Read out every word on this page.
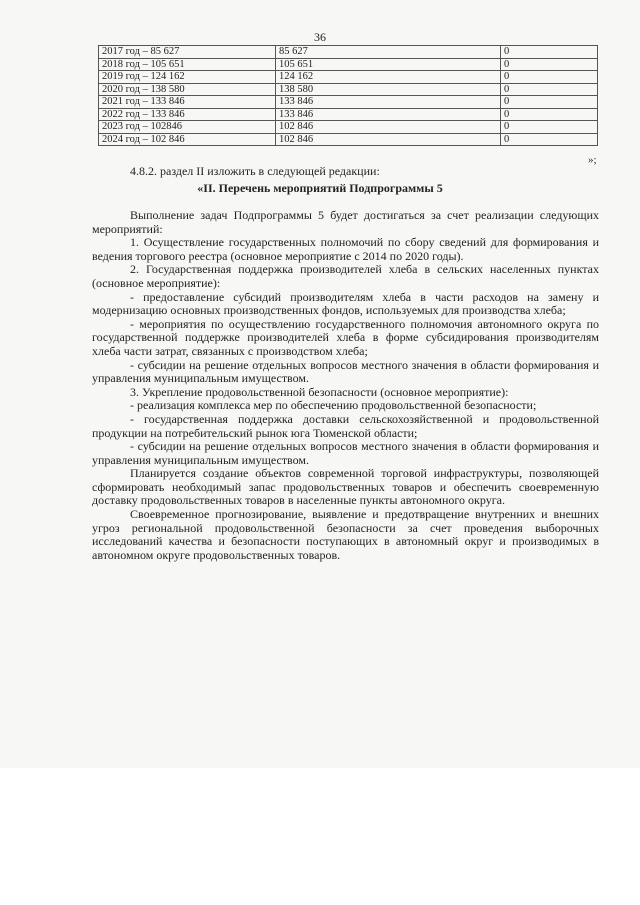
36
2017 год – 85 627	85 627	0
2018 год – 105 651	105 651	0
2019 год – 124 162	124 162	0
2020 год – 138 580	138 580	0
2021 год – 133 846	133 846	0
2022 год – 133 846	133 846	0
2023 год – 102846	102 846	0
2024 год – 102 846	102 846	0
»;
4.8.2. раздел II изложить в следующей редакции:
«II. Перечень мероприятий Подпрограммы 5

Выполнение задач Подпрограммы 5 будет достигаться за счет реализации следующих мероприятий:

1. Осуществление государственных полномочий по сбору сведений для формирования и ведения торгового реестра (основное мероприятие с 2014 по 2020 годы).

2. Государственная поддержка производителей хлеба в сельских населенных пунктах (основное мероприятие):

- предоставление субсидий производителям хлеба в части расходов на замену и модернизацию основных производственных фондов, используемых для производства хлеба;

- мероприятия по осуществлению государственного полномочия автономного округа по государственной поддержке производителей хлеба в форме субсидирования производителям хлеба части затрат, связанных с производством хлеба;

- субсидии на решение отдельных вопросов местного значения в области формирования и управления муниципальным имуществом.

3. Укрепление продовольственной безопасности (основное мероприятие):

- реализация комплекса мер по обеспечению продовольственной безопасности;

- государственная поддержка доставки сельскохозяйственной и продовольственной продукции на потребительский рынок юга Тюменской области;

- субсидии на решение отдельных вопросов местного значения в области формирования и управления муниципальным имуществом.

Планируется создание объектов современной торговой инфраструктуры, позволяющей сформировать необходимый запас продовольственных товаров и обеспечить своевременную доставку продовольственных товаров в населенные пункты автономного округа.

Своевременное прогнозирование, выявление и предотвращение внутренних и внешних угроз региональной продовольственной безопасности за счет проведения выборочных исследований качества и безопасности поступающих в автономный округ и производимых в автономном округе продовольственных товаров.
